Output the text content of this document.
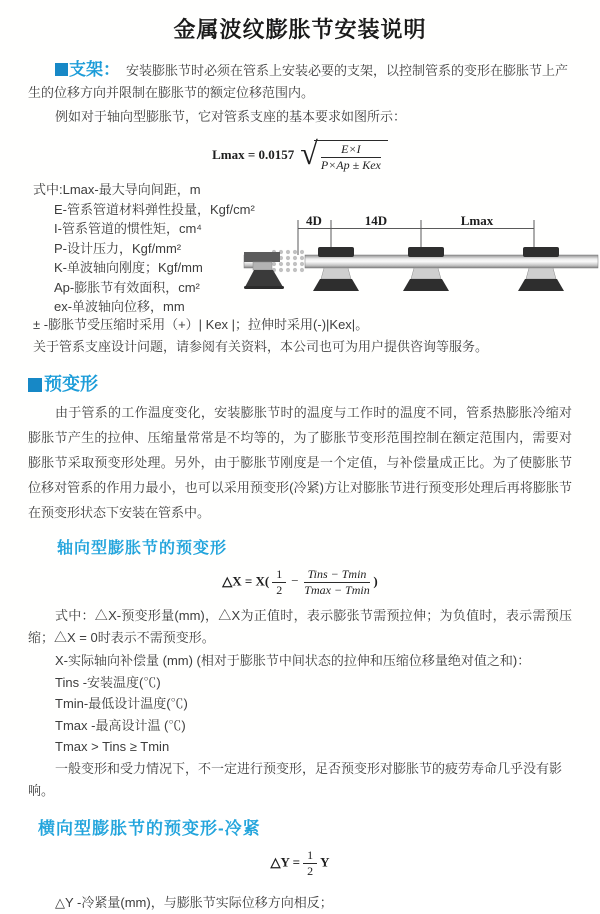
金属波纹膨胀节安装说明

支架： 安装膨胀节时必须在管系上安装必要的支架，以控制管系的变形在膨胀节上产生的位移方向并限制在膨胀节的额定位移范围内。

例如对于轴向型膨胀节，它对管系支座的基本要求如图所示：

Lmax = 0.0157 √ $\frac{E\times I}{\text{P×Ap ± Kex}}$
式中:Lmax-最大导向间距，m
E-管系管道材料弹性投量，Kgf/cm²
I-管系管道的惯性矩，cm⁴
P-设计压力，Kgf/mm²
K-单波轴向刚度；Kgf/mm
Ap-膨胀节有效面积，cm²
ex-单波轴向位移，mm
4D	14D	Lmax

± -膨胀节受压缩时采用（+）| Kex |；拉伸时采用(-)|Kex|。

关于管系支座设计问题，请参阅有关资料，本公司也可为用户提供咨询等服务。

预变形

由于管系的工作温度变化，安装膨胀节时的温度与工作时的温度不同，管系热膨胀冷缩对膨胀节产生的拉伸、压缩量常常是不均等的，为了膨胀节变形范围控制在额定范围内，需要对膨胀节采取预变形处理。另外，由于膨胀节刚度是一个定值，与补偿量成正比。为了使膨胀节位移对管系的作用力最小，也可以采用预变形(冷紧)方让对膨胀节进行预变形处理后再将膨胀节在预变形状态下安装在管系中。

轴向型膨胀节的预变形
△X = $X( \frac{1}{2} - \frac{\text{Tins − Tmin}}{Tmax - Tmin}$ )

式中：△X-预变形量(mm)，△X为正值时，表示膨张节需预拉伸；为负值时，表示需预压缩；△X = 0时表示不需预变形。

X-实际轴向补偿量 (mm) (相对于膨胀节中间状态的拉伸和压缩位移量绝对值之和)：
Tins -安装温度(℃)
Tmin-最低设计温度(℃)
Tmax -最高设计温 (℃)
Tmax > Tins ≥ Tmin

一般变形和受力情况下，不一定进行预变形，足否预变形对膨胀节的疲劳寿命几乎没有影响。

横向型膨胀节的预变形-冷紧
△Y = $\frac{1}{2}$ Y

△Y -冷紧量(mm)，与膨胀节实际位移方向相反；
